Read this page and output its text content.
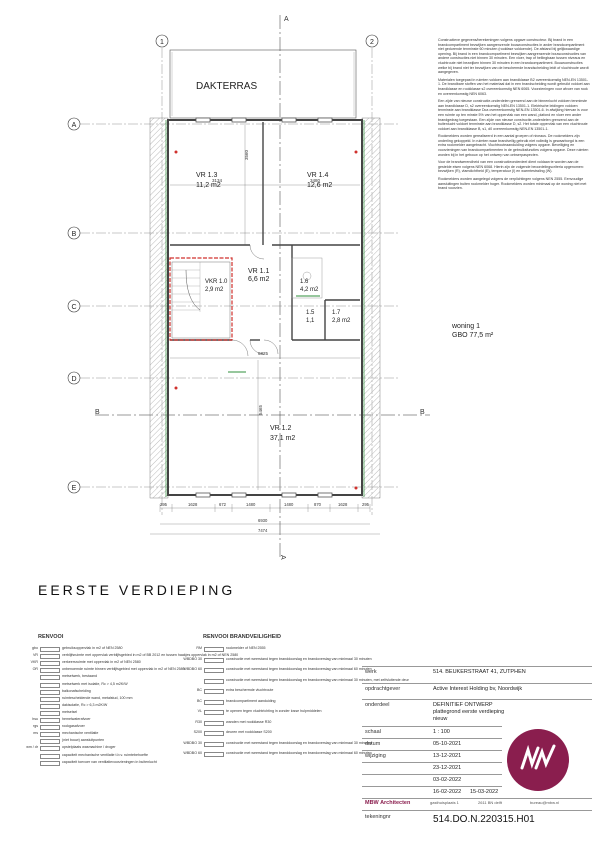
A
A
B	B
1	2
A
B
C
D
E
DAKTERRAS
3134	3480
6825
3560
5465
VR 1.3
11,2 m2
VR 1.4
12,6 m2
VKR 1.0
2,9 m2
VR 1.1
6,6 m2	1.6
4,2 m2
1.5
1,1
1.7
2,8 m2
VR 1.2
37,1 m2
295	1628	672	1480	1480	870	1628	295
6930
7474

Constructieve gegevens/berekeningen volgens opgave constructeur. Bij brand in een brandcompartiment bezwijken aangrenzende bouwconstructies in ander brandcompartiment niet gedurende tenminste 60 minuten (rookfase voldoende). De afstand bij gelijkwaardige opening. Bij brand in een brandcompartiment bezwijken aangrenzende bouwconstructies van andere constructies niet binnen 30 minuten. Een vloer, trap of hellingbaan tussen niveaus en vluchtroute niet bezwijken binnen 30 minuten in een brandcompartiment. Bouwconstructies welke bij brand niet ter bezwijken van de beschermde brandscheiding leidt of vluchtroute wordt aangegeven.

Materialen toegepast in ruimten voldoen aan brandklasse B2 overeenkomstig NEN-EN 13501-1. De brandbare stoffen van het materiaal dat in een brandscheiding wordt gebruikt voldoet aan brandklasse en rookklasse s2 overeenkomstig NEN 6065. Voorzieningen voor afvoer van rook en overeenkomstig NEN 6063.

Een zijde van nieuwe constructie-onderdelen grenzend aan de binnenlucht voldoen tenminste aan brandklasse D, s2 overeenkomstig NEN-EN 13501-1. Elektrische leidingen voldoen tenminste aan brandklasse Dca overeenkomstig NEN-EN 13501-6. In afwijking hiervan is voor een ruimte op ten minste 5% van het oppervlak van een wand, plafond en vloer een ander brandgedrag toegestaan. Een zijde van nieuwe constructie-onderdelen grenzend aan de buitenlucht voldoet tenminste aan brandklasse D, s2. Het totale oppervlak van een vluchtroute voldoet aan brandklasse B, s1, d0 overeenkomstig NEN-EN 13501-1.

Rookmelders worden gerealiseerd in een aantal groepen of niveaus. De rookmelders zijn onderling gekoppeld. In ruimten waar brandveilig gebruik niet volledig is gewaarborgd is een extra rookmelder aangebracht. Vluchtrouteaanduiding volgens opgave. Beveiliging en voorzieningen van brandcompartimenten in de gebruiksfuncties volgens opgave. Deze ruimten worden bij in het gebouw op het ontwerp van ontwerpaspecten.

Voor de brandwerendheid van een constructieonderdeel dient voldaan te worden aan de gestelde eisen volgens NEN 6068. Hierin zijn de volgende beoordelingscriteria opgenomen: bezwijken (R), vlamdichtheid (E), temperatuur (I) en warmtestraling (W).

Rookmelders worden aangelegd volgens de verplichtingen volgens NEN 2555. Eenvoudige aansluitingen buiten rookmelder hoger. Rookmelders worden minimaal op de woning niet met brand voorzien.

woning 1
GBO 77,5 m²
EERSTE VERDIEPING
RENVOOI
gbo	gebruiksoppervlak in m2 of NEN 2580
VR	verblijfsruimte met oppervlak verblijfsgebied in m2 of BB 2012 en tussen haakjes oppervlak in m2 of NEN 2580
VKR	verkeersruimte met oppervlak in m2 of NEN 2580
OR	onbenoemde ruimte binnen verblijfsgebied met oppervlak in m2 of NEN 2580
metselwerk, bestaand
metselwerk met isolatie, Rc > 4,5 m2K/W
balkonafscheiding
ruimtescheidende wand, metalstud, 100 mm
dakisolatie, Rc > 6,3 m2K/W
metselsel
hsu	hemelwaterafvoer
rgs	rookgasafvoer
ms	mechanische ventilatie
(niet bouw) aansluitpunten
wm / dr	opstelplaats wasmachine / droger
capaciteit mechanische ventilatie t.b.v. ruimtebehoefte
capaciteit toevoer van ventilatievoorzieningen in buitenlucht
RENVOOI BRANDVEILIGHEID
RM	rookmelder of NEN 2555
WBDBO 30	constructie met weerstand tegen branddoorslag en brandoverslag van minimaal 30 minuten
WBDBO 60	constructie met weerstand tegen branddoorslag en brandoverslag van minimaal 60 minuten
constructie met weerstand tegen branddoorslag en brandoverslag van minimaal 30 minuten, met zelfsluitende deur
BC	extra beschermde vluchtroute
BC	brandcompartiment aanduiding
VL	te openen tegen vluchtrichting in zonder losse hulpmiddelen
R30	wanden met rookklasse R30
S200	deuren met rookklasse S200
WBDBO 30	constructie met weerstand tegen branddoorslag en brandoverslag van minimaal 30 minuten
WBDBO 60	constructie met weerstand tegen branddoorslag en brandoverslag van minimaal 60 minuten
werk	514. BEUKERSTRAAT 41, ZUTPHEN
opdrachtgever	Active Interest Holding bv, Noordwijk
onderdeel	DEFINITIEF ONTWERP
plattegrond eerste verdieping
nieuw
schaal	1 : 100
datum	05-10-2021
wijziging	13-12-2021
23-12-2021
03-02-2022
16-02-2022 15-03-2022
MBW Architecten	gasthuisplaats 1	2611 BN delft	bureau@mbw.nl
tekeningnr	514.DO.N.220315.H01
